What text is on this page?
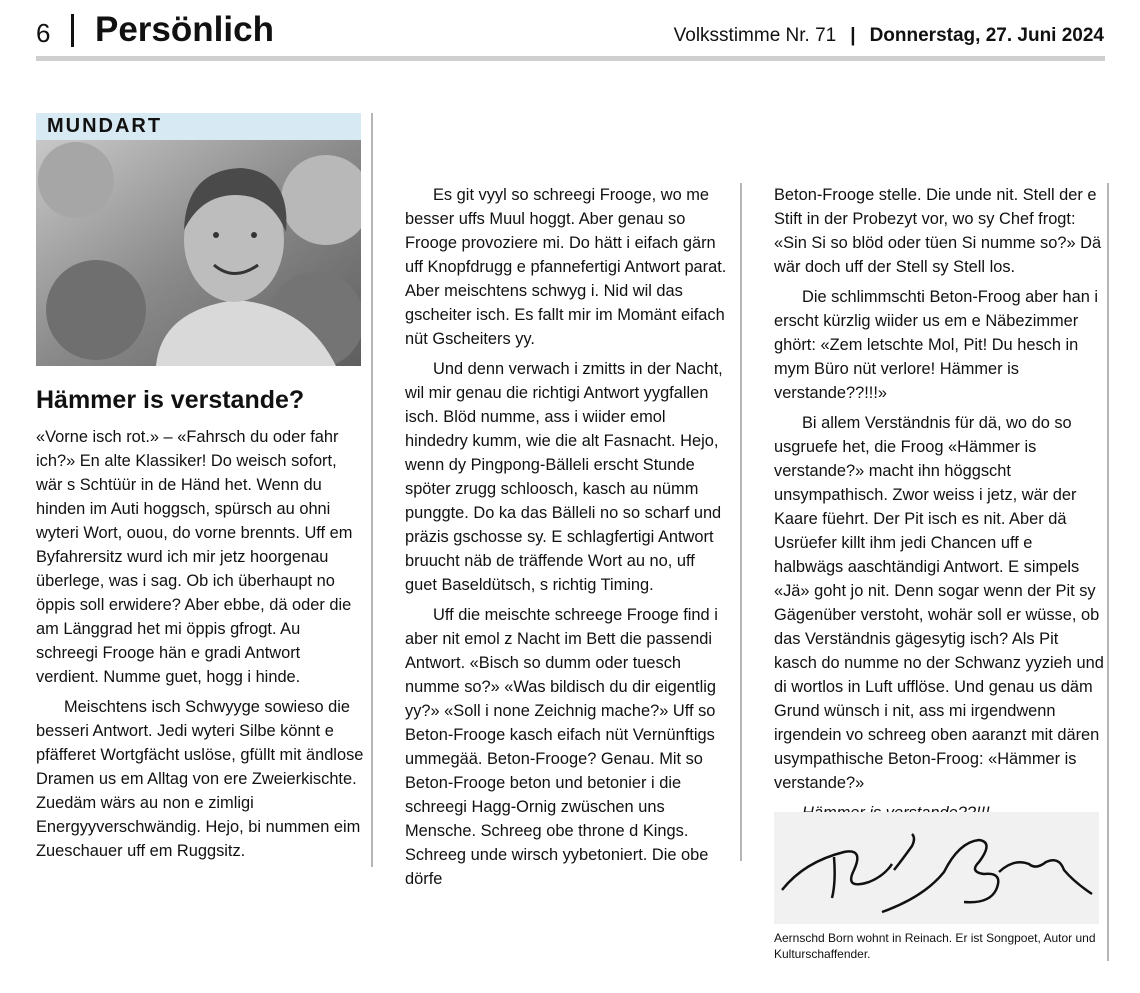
6 Persönlich	Volksstimme Nr. 71 | Donnerstag, 27. Juni 2024
MUNDART
Hämmer is verstande?

«Vorne isch rot.» – «Fahrsch du oder fahr ich?» En alte Klassiker! Do weisch sofort, wär s Schtüür in de Händ het. Wenn du hinden im Auti hoggsch, spürsch au ohni wyteri Wort, ouou, do vorne brennts. Uff em Byfahrersitz wurd ich mir jetz hoorgenau überlege, was i sag. Ob ich überhaupt no öppis soll erwidere? Aber ebbe, dä oder die am Länggrad het mi öppis gfrogt. Au schreegi Frooge hän e gradi Antwort verdient. Numme guet, hogg i hinde.

Meischtens isch Schwyyge sowieso die besseri Antwort. Jedi wyteri Silbe könnt e pfäfferet Wortgfächt uslöse, gfüllt mit ändlose Dramen us em Alltag von ere Zweierkischte. Zuedäm wärs au non e zimligi Energyyverschwändig. Hejo, bi nummen eim Zueschauer uff em Ruggsitz.

Es git vyyl so schreegi Frooge, wo me besser uffs Muul hoggt. Aber genau so Frooge provoziere mi. Do hätt i eifach gärn uff Knopfdrugg e pfannefertigi Antwort parat. Aber meischtens schwyg i. Nid wil das gscheiter isch. Es fallt mir im Momänt eifach nüt Gscheiters yy.

Und denn verwach i zmitts in der Nacht, wil mir genau die richtigi Antwort yygfallen isch. Blöd numme, ass i wiider emol hindedry kumm, wie die alt Fasnacht. Hejo, wenn dy Pingpong-Bälleli erscht Stunde spöter zrugg schloosch, kasch au nümm punggte. Do ka das Bälleli no so scharf und präzis gschosse sy. E schlagfertigi Antwort bruucht näb de träffende Wort au no, uff guet Baseldütsch, s richtig Timing.

Uff die meischte schreege Frooge find i aber nit emol z Nacht im Bett die passendi Antwort. «Bisch so dumm oder tuesch numme so?» «Was bildisch du dir eigentlig yy?» «Soll i none Zeichnig mache?» Uff so Beton-Frooge kasch eifach nüt Vernünftigs ummegää. Beton-Frooge? Genau. Mit so Beton-Frooge beton und betonier i die schreegi Hagg-Ornig zwüschen uns Mensche. Schreeg obe throne d Kings. Schreeg unde wirsch yybetoniert. Die obe dörfe

Beton-Frooge stelle. Die unde nit. Stell der e Stift in der Probezyt vor, wo sy Chef frogt: «Sin Si so blöd oder tüen Si numme so?» Dä wär doch uff der Stell sy Stell los.

Die schlimmschti Beton-Froog aber han i erscht kürzlig wiider us em e Näbezimmer ghört: «Zem letschte Mol, Pit! Du hesch in mym Büro nüt verlore! Hämmer is verstande??!!!»

Bi allem Verständnis für dä, wo do so usgruefe het, die Froog «Hämmer is verstande?» macht ihn höggscht unsympathisch. Zwor weiss i jetz, wär der Kaare füehrt. Der Pit isch es nit. Aber dä Usrüefer killt ihm jedi Chancen uff e halbwägs aaschtändigi Antwort. E simpels «Jä» goht jo nit. Denn sogar wenn der Pit sy Gägenüber verstoht, wohär soll er wüsse, ob das Verständnis gägesytig isch? Als Pit kasch do numme no der Schwanz yyzieh und di wortlos in Luft ufflöse. Und genau us däm Grund wünsch i nit, ass mi irgendwenn irgendein vo schreeg oben aaranzt mit dären usympathische Beton-Froog: «Hämmer is verstande?»

Aernschd Born wohnt in Reinach. Er ist Songpoet, Autor und Kulturschaffender.
